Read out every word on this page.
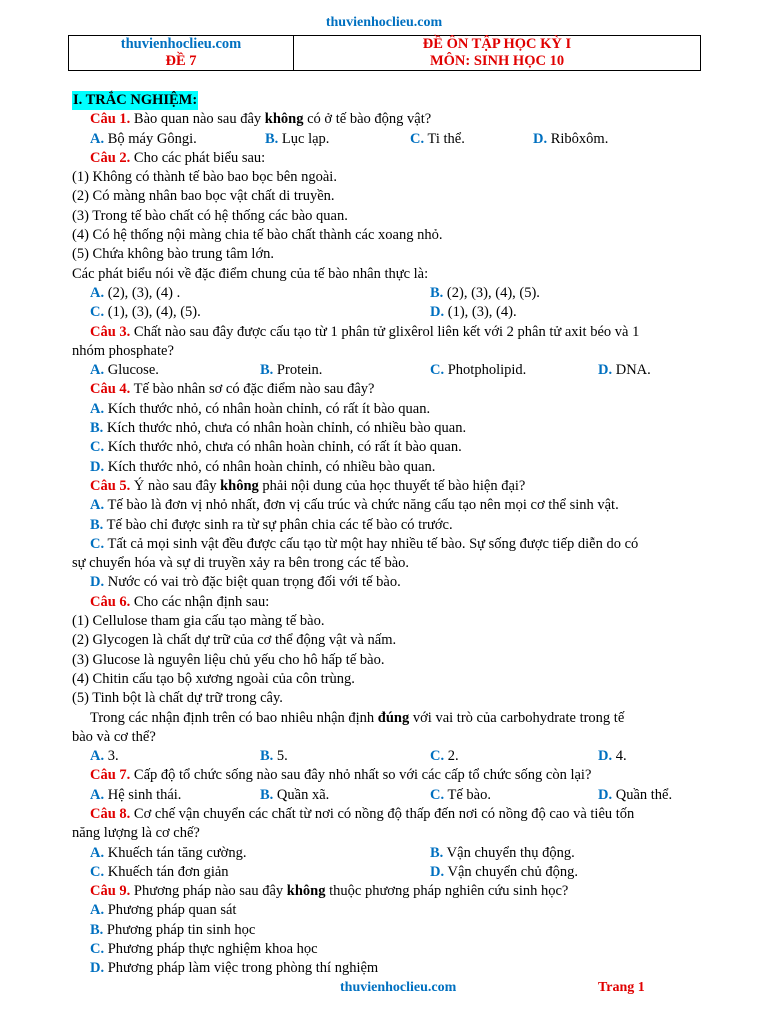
thuvienhoclieu.com
thuvienhoclieu.com
ĐỀ 7

ĐỀ ÔN TẬP HỌC KỲ I
MÔN: SINH HỌC 10
I. TRẮC NGHIỆM:
Câu 1. Bào quan nào sau đây không có ở tế bào động vật?
A. Bộ máy Gôngi.	B. Lục lạp.	C. Ti thể.	D. Ribôxôm.
Câu 2. Cho các phát biểu sau:
(1) Không có thành tế bào bao bọc bên ngoài.
(2) Có màng nhân bao bọc vật chất di truyền.
(3) Trong tế bào chất có hệ thống các bào quan.
(4) Có hệ thống nội màng chia tế bào chất thành các xoang nhỏ.
(5) Chứa không bào trung tâm lớn.
Các phát biểu nói về đặc điểm chung của tế bào nhân thực là:
A. (2), (3), (4) .	B. (2), (3), (4), (5).
C. (1), (3), (4), (5).	D. (1), (3), (4).
Câu 3. Chất nào sau đây được cấu tạo từ 1 phân tử glixêrol liên kết với 2 phân tử axit béo và 1
nhóm phosphate?
A. Glucose.	B. Protein.	C. Photpholipid.	D. DNA.
Câu 4. Tế bào nhân sơ có đặc điểm nào sau đây?
A. Kích thước nhỏ, có nhân hoàn chỉnh, có rất ít bào quan.
B. Kích thước nhỏ, chưa có nhân hoàn chỉnh, có nhiều bào quan.
C. Kích thước nhỏ, chưa có nhân hoàn chỉnh, có rất ít bào quan.
D. Kích thước nhỏ, có nhân hoàn chỉnh, có nhiều bào quan.
Câu 5. Ý nào sau đây không phải nội dung của học thuyết tế bào hiện đại?
A. Tế bào là đơn vị nhỏ nhất, đơn vị cấu trúc và chức năng cấu tạo nên mọi cơ thể sinh vật.
B. Tế bào chỉ được sinh ra từ sự phân chia các tế bào có trước.
C. Tất cả mọi sinh vật đều được cấu tạo từ một hay nhiều tế bào. Sự sống được tiếp diễn do có
sự chuyển hóa và sự di truyền xảy ra bên trong các tế bào.
D. Nước có vai trò đặc biệt quan trọng đối với tế bào.
Câu 6. Cho các nhận định sau:
(1) Cellulose tham gia cấu tạo màng tế bào.
(2) Glycogen là chất dự trữ của cơ thể động vật và nấm.
(3) Glucose là nguyên liệu chủ yếu cho hô hấp tế bào.
(4) Chitin cấu tạo bộ xương ngoài của côn trùng.
(5) Tinh bột là chất dự trữ trong cây.
Trong các nhận định trên có bao nhiêu nhận định đúng với vai trò của carbohydrate trong tế
bào và cơ thể?
A. 3.	B. 5.	C. 2.	D. 4.
Câu 7. Cấp độ tổ chức sống nào sau đây nhỏ nhất so với các cấp tổ chức sống còn lại?
A. Hệ sinh thái.	B. Quần xã.	C. Tế bào.	D. Quần thể.
Câu 8. Cơ chế vận chuyển các chất từ nơi có nồng độ thấp đến nơi có nồng độ cao và tiêu tốn
năng lượng là cơ chế?
A. Khuếch tán tăng cường.	B. Vận chuyển thụ động.
C. Khuếch tán đơn giản	D. Vận chuyển chủ động.
Câu 9. Phương pháp nào sau đây không thuộc phương pháp nghiên cứu sinh học?
A. Phương pháp quan sát
B. Phương pháp tin sinh học
C. Phương pháp thực nghiệm khoa học
D. Phương pháp làm việc trong phòng thí nghiệm
thuvienhoclieu.com	Trang 1
